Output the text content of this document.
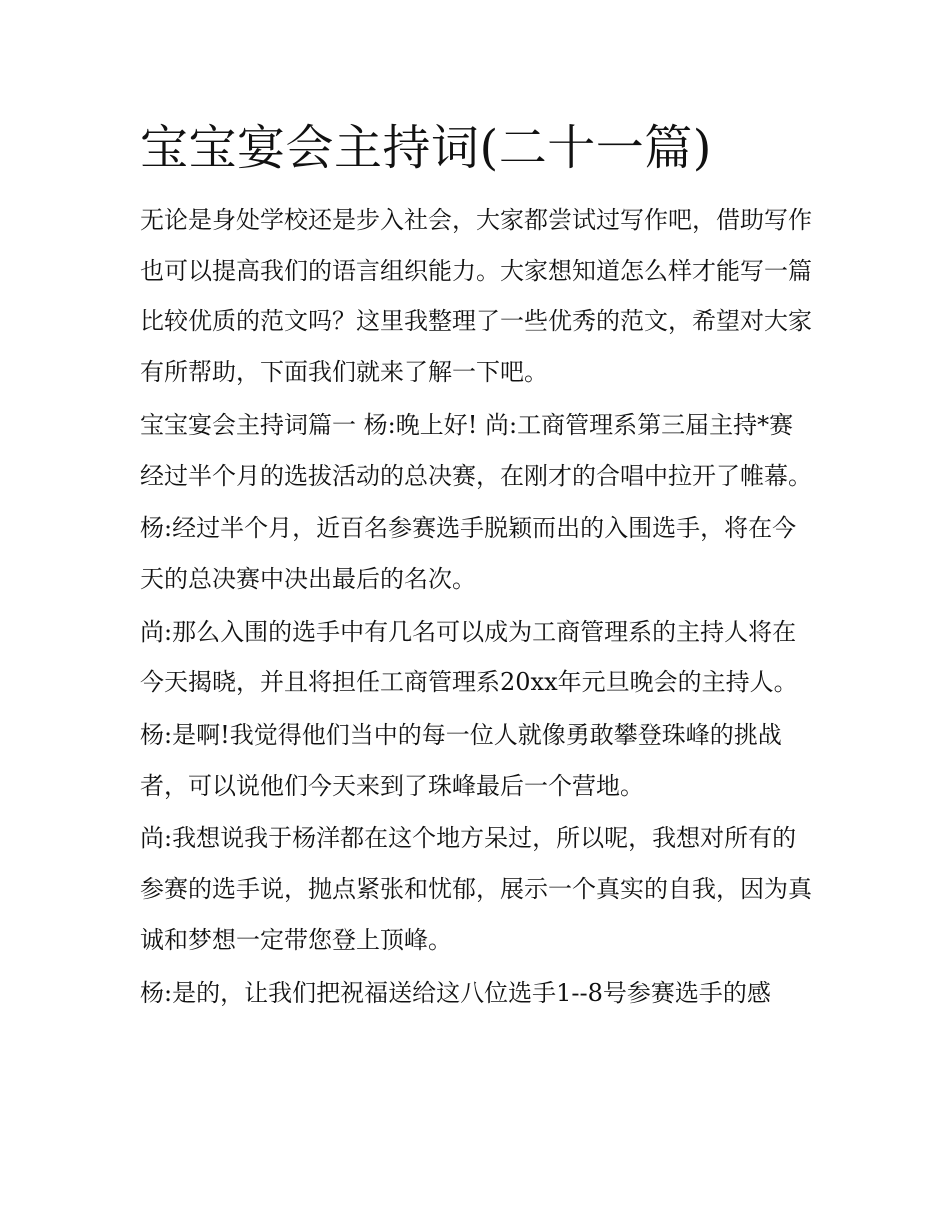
宝宝宴会主持词(二十一篇)

无论是身处学校还是步入社会，大家都尝试过写作吧，借助写作也可以提高我们的语言组织能力。大家想知道怎么样才能写一篇比较优质的范文吗？这里我整理了一些优秀的范文，希望对大家有所帮助，下面我们就来了解一下吧。

宝宝宴会主持词篇一 杨:晚上好! 尚:工商管理系第三届主持*赛经过半个月的选拔活动的总决赛，在刚才的合唱中拉开了帷幕。

杨:经过半个月，近百名参赛选手脱颖而出的入围选手，将在今天的总决赛中决出最后的名次。

尚:那么入围的选手中有几名可以成为工商管理系的主持人将在今天揭晓，并且将担任工商管理系20xx年元旦晚会的主持人。

杨:是啊!我觉得他们当中的每一位人就像勇敢攀登珠峰的挑战者，可以说他们今天来到了珠峰最后一个营地。

尚:我想说我于杨洋都在这个地方呆过，所以呢，我想对所有的参赛的选手说，抛点紧张和忧郁，展示一个真实的自我，因为真诚和梦想一定带您登上顶峰。

杨:是的，让我们把祝福送给这八位选手1--8号参赛选手的感
